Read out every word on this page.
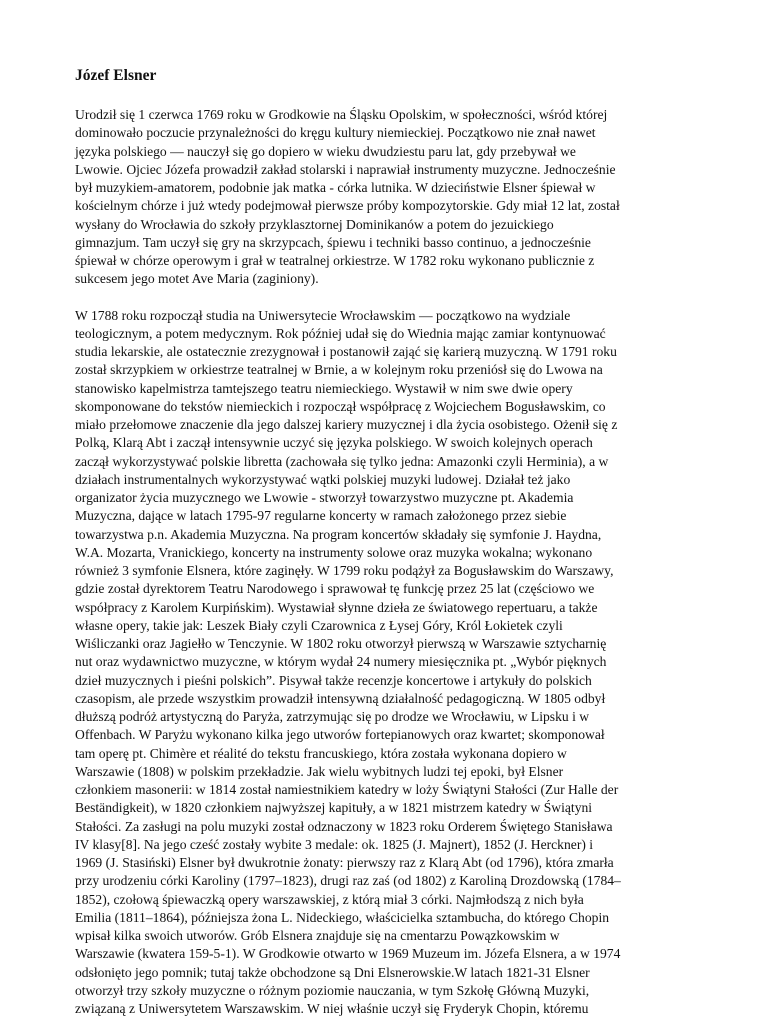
Józef Elsner

Urodził się 1 czerwca 1769 roku w Grodkowie na Śląsku Opolskim, w społeczności, wśród której
dominowało poczucie przynależności do kręgu kultury niemieckiej. Początkowo nie znał nawet
języka polskiego — nauczył się go dopiero w wieku dwudziestu paru lat, gdy przebywał we
Lwowie. Ojciec Józefa prowadził zakład stolarski i naprawiał instrumenty muzyczne. Jednocześnie
był muzykiem-amatorem, podobnie jak matka - córka lutnika. W dzieciństwie Elsner śpiewał w
kościelnym chórze i już wtedy podejmował pierwsze próby kompozytorskie. Gdy miał 12 lat, został
wysłany do Wrocławia do szkoły przyklasztornej Dominikanów a potem do jezuickiego
gimnazjum. Tam uczył się gry na skrzypcach, śpiewu i techniki basso continuo, a jednocześnie
śpiewał w chórze operowym i grał w teatralnej orkiestrze. W 1782 roku wykonano publicznie z
sukcesem jego motet Ave Maria (zaginiony).

W 1788 roku rozpoczął studia na Uniwersytecie Wrocławskim — początkowo na wydziale
teologicznym, a potem medycznym. Rok później udał się do Wiednia mając zamiar kontynuować
studia lekarskie, ale ostatecznie zrezygnował i postanowił zająć się karierą muzyczną. W 1791 roku
został skrzypkiem w orkiestrze teatralnej w Brnie, a w kolejnym roku przeniósł się do Lwowa na
stanowisko kapelmistrza tamtejszego teatru niemieckiego. Wystawił w nim swe dwie opery
skomponowane do tekstów niemieckich i rozpoczął współpracę z Wojciechem Bogusławskim, co
miało przełomowe znaczenie dla jego dalszej kariery muzycznej i dla życia osobistego. Ożenił się z
Polką, Klarą Abt i zaczął intensywnie uczyć się języka polskiego. W swoich kolejnych operach
zaczął wykorzystywać polskie libretta (zachowała się tylko jedna: Amazonki czyli Herminia), a w
działach instrumentalnych wykorzystywać wątki polskiej muzyki ludowej. Działał też jako
organizator życia muzycznego we Lwowie - stworzył towarzystwo muzyczne pt. Akademia
Muzyczna, dające w latach 1795-97 regularne koncerty w ramach założonego przez siebie
towarzystwa p.n. Akademia Muzyczna. Na program koncertów składały się symfonie J. Haydna,
W.A. Mozarta, Vranickiego, koncerty na instrumenty solowe oraz muzyka wokalna; wykonano
również 3 symfonie Elsnera, które zaginęły. W 1799 roku podążył za Bogusławskim do Warszawy,
gdzie został dyrektorem Teatru Narodowego i sprawował tę funkcję przez 25 lat (częściowo we
współpracy z Karolem Kurpińskim). Wystawiał słynne dzieła ze światowego repertuaru, a także
własne opery, takie jak: Leszek Biały czyli Czarownica z Łysej Góry, Król Łokietek czyli
Wiśliczanki oraz Jagiełło w Tenczynie. W 1802 roku otworzył pierwszą w Warszawie sztycharnię
nut oraz wydawnictwo muzyczne, w którym wydał 24 numery miesięcznika pt. „Wybór pięknych
dzieł muzycznych i pieśni polskich”. Pisywał także recenzje koncertowe i artykuły do polskich
czasopism, ale przede wszystkim prowadził intensywną działalność pedagogiczną. W 1805 odbył
dłuższą podróż artystyczną do Paryża, zatrzymując się po drodze we Wrocławiu, w Lipsku i w
Offenbach. W Paryżu wykonano kilka jego utworów fortepianowych oraz kwartet; skomponował
tam operę pt. Chimère et réalité do tekstu francuskiego, która została wykonana dopiero w
Warszawie (1808) w polskim przekładzie. Jak wielu wybitnych ludzi tej epoki, był Elsner
członkiem masonerii: w 1814 został namiestnikiem katedry w loży Świątyni Stałości (Zur Halle der
Beständigkeit), w 1820 członkiem najwyższej kapituły, a w 1821 mistrzem katedry w Świątyni
Stałości. Za zasługi na polu muzyki został odznaczony w 1823 roku Orderem Świętego Stanisława
IV klasy[8]. Na jego cześć zostały wybite 3 medale: ok. 1825 (J. Majnert), 1852 (J. Herckner) i
1969 (J. Stasiński) Elsner był dwukrotnie żonaty: pierwszy raz z Klarą Abt (od 1796), która zmarła
przy urodzeniu córki Karoliny (1797–1823), drugi raz zaś (od 1802) z Karoliną Drozdowską (1784–
1852), czołową śpiewaczką opery warszawskiej, z którą miał 3 córki. Najmłodszą z nich była
Emilia (1811–1864), późniejsza żona L. Nideckiego, właścicielka sztambucha, do którego Chopin
wpisał kilka swoich utworów. Grób Elsnera znajduje się na cmentarzu Powązkowskim w
Warszawie (kwatera 159-5-1). W Grodkowie otwarto w 1969 Muzeum im. Józefa Elsnera, a w 1974
odsłonięto jego pomnik; tutaj także obchodzone są Dni Elsnerowskie.W latach 1821-31 Elsner
otworzył trzy szkoły muzyczne o różnym poziomie nauczania, w tym Szkołę Główną Muzyki,
związaną z Uniwersytetem Warszawskim. W niej właśnie uczył się Fryderyk Chopin, któremu
